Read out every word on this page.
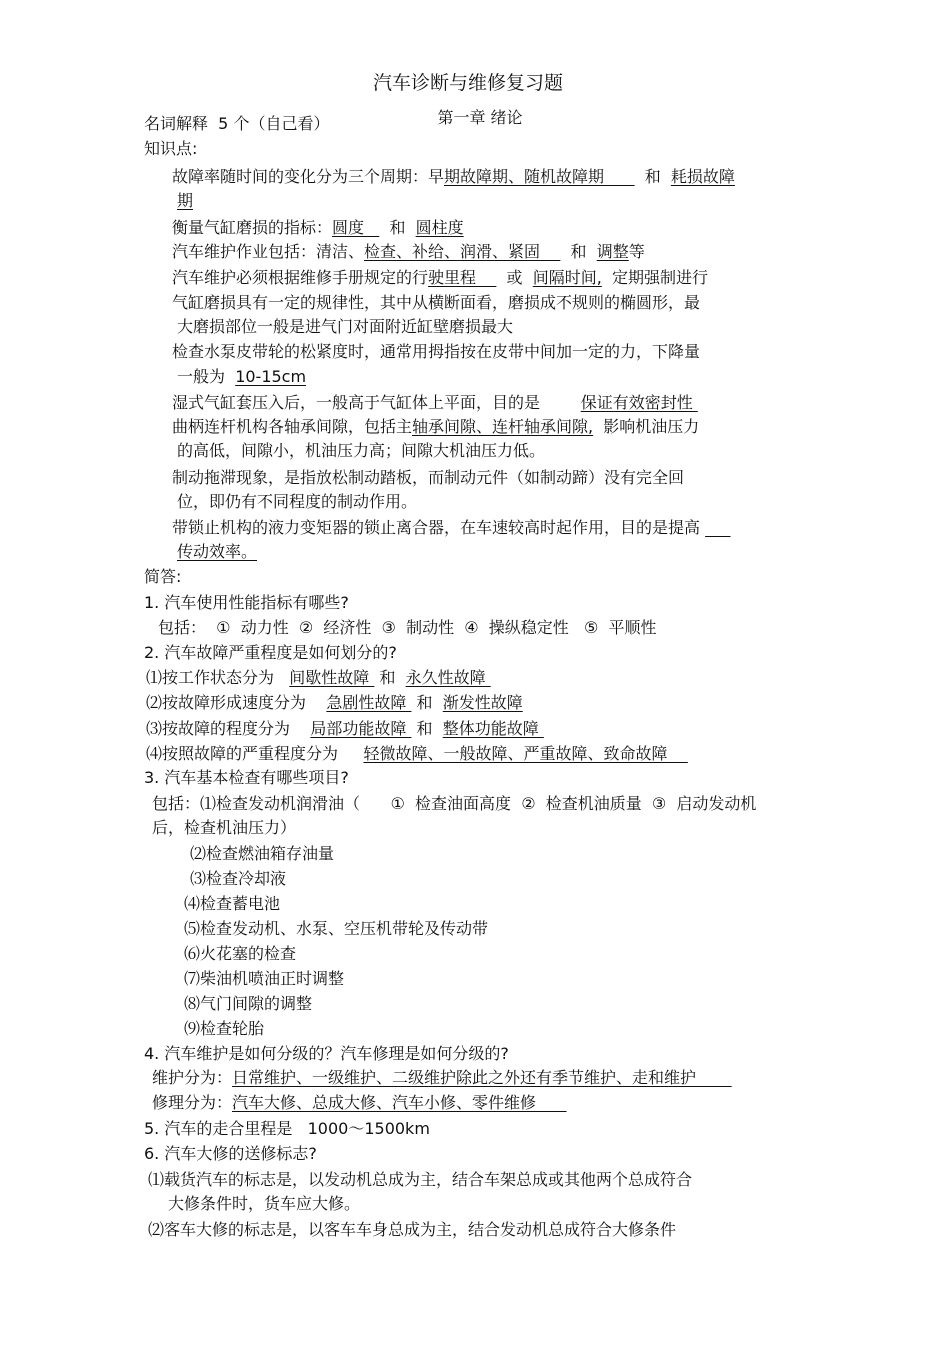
汽车诊断与维修复习题
第一章 绪论
名词解释  5 个（自己看）
知识点:
故障率随时间的变化分为三个周期：早期故障期、随机故障期        和  耗损故障
期
衡量气缸磨损的指标：圆度     和  圆柱度
汽车维护作业包括：清洁、检查、补给、润滑、紧固      和  调整等
汽车维护必须根据维修手册规定的行驶里程      或  间隔时间,  定期强制进行
气缸磨损具有一定的规律性，其中从横断面看，磨损成不规则的椭圆形，最
大磨损部位一般是进气门对面附近缸壁磨损最大
检查水泵皮带轮的松紧度时，通常用拇指按在皮带中间加一定的力，下降量
一般为  10-15cm
湿式气缸套压入后，一般高于气缸体上平面，目的是        保证有效密封性
曲柄连杆机构各轴承间隙，包括主轴承间隙、连杆轴承间隙,  影响机油压力
的高低，间隙小，机油压力高；间隙大机油压力低。
制动拖滞现象，是指放松制动踏板，而制动元件（如制动蹄）没有完全回
位，即仍有不同程度的制动作用。
带锁止机构的液力变矩器的锁止离合器，在车速较高时起作用，目的是提高
传动效率。
简答:
1. 汽车使用性能指标有哪些?
包括：  ①  动力性  ②  经济性  ③  制动性  ④  操纵稳定性   ⑤  平顺性
2. 汽车故障严重程度是如何划分的?
⑴按工作状态分为   间歇性故障  和  永久性故障
⑵按故障形成速度分为    急剧性故障  和  渐发性故障
⑶按故障的程度分为    局部功能故障  和  整体功能故障
⑷按照故障的严重程度分为     轻微故障、一般故障、严重故障、致命故障
3. 汽车基本检查有哪些项目?
包括：⑴检查发动机润滑油（      ①  检查油面高度  ②  检查机油质量  ③  启动发动机
后，检查机油压力）
⑵检查燃油箱存油量
⑶检查冷却液
⑷检查蓄电池
⑸检查发动机、水泵、空压机带轮及传动带
⑹火花塞的检查
⑺柴油机喷油正时调整
⑻气门间隙的调整
⑼检查轮胎
4. 汽车维护是如何分级的？汽车修理是如何分级的?
维护分为：日常维护、一级维护、二级维护除此之外还有季节维护、走和维护
修理分为：汽车大修、总成大修、汽车小修、零件维修
5. 汽车的走合里程是   1000～1500km
6. 汽车大修的送修标志?
⑴载货汽车的标志是，以发动机总成为主，结合车架总成或其他两个总成符合
大修条件时，货车应大修。
⑵客车大修的标志是，以客车车身总成为主，结合发动机总成符合大修条件
